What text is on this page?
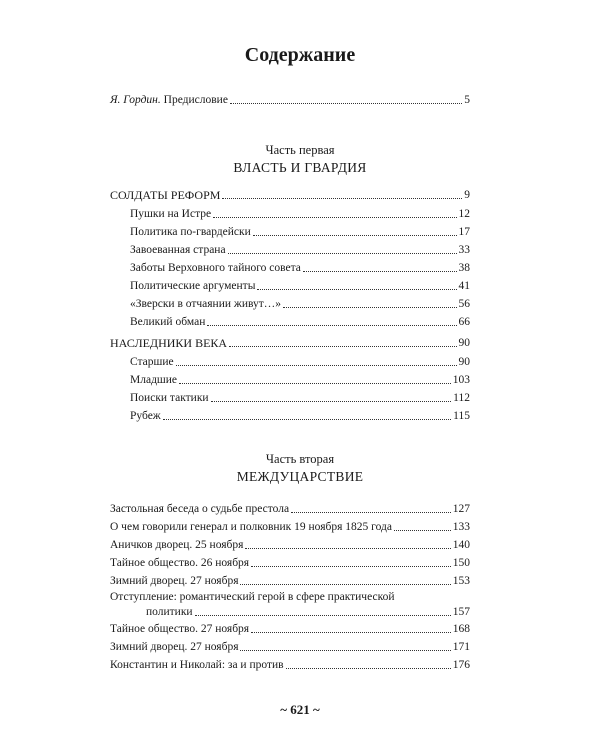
Содержание
Я. Гордин. Предисловие	5
Часть первая
ВЛАСТЬ И ГВАРДИЯ
СОЛДАТЫ РЕФОРМ	9
Пушки на Истре	12
Политика по-гвардейски	17
Завоеванная страна	33
Заботы Верховного тайного совета	38
Политические аргументы	41
«Зверски в отчаянии живут…»	56
Великий обман	66
НАСЛЕДНИКИ ВЕКА	90
Старшие	90
Младшие	103
Поиски тактики	112
Рубеж	115
Часть вторая
МЕЖДУЦАРСТВИЕ
Застольная беседа о судьбе престола	127
О чем говорили генерал и полковник 19 ноября 1825 года	133
Аничков дворец. 25 ноября	140
Тайное общество. 26 ноября	150
Зимний дворец. 27 ноября	153
Отступление: романтический герой в сфере практической
политики	157
Тайное общество. 27 ноября	168
Зимний дворец. 27 ноября	171
Константин и Николай: за и против	176
~ 621 ~
